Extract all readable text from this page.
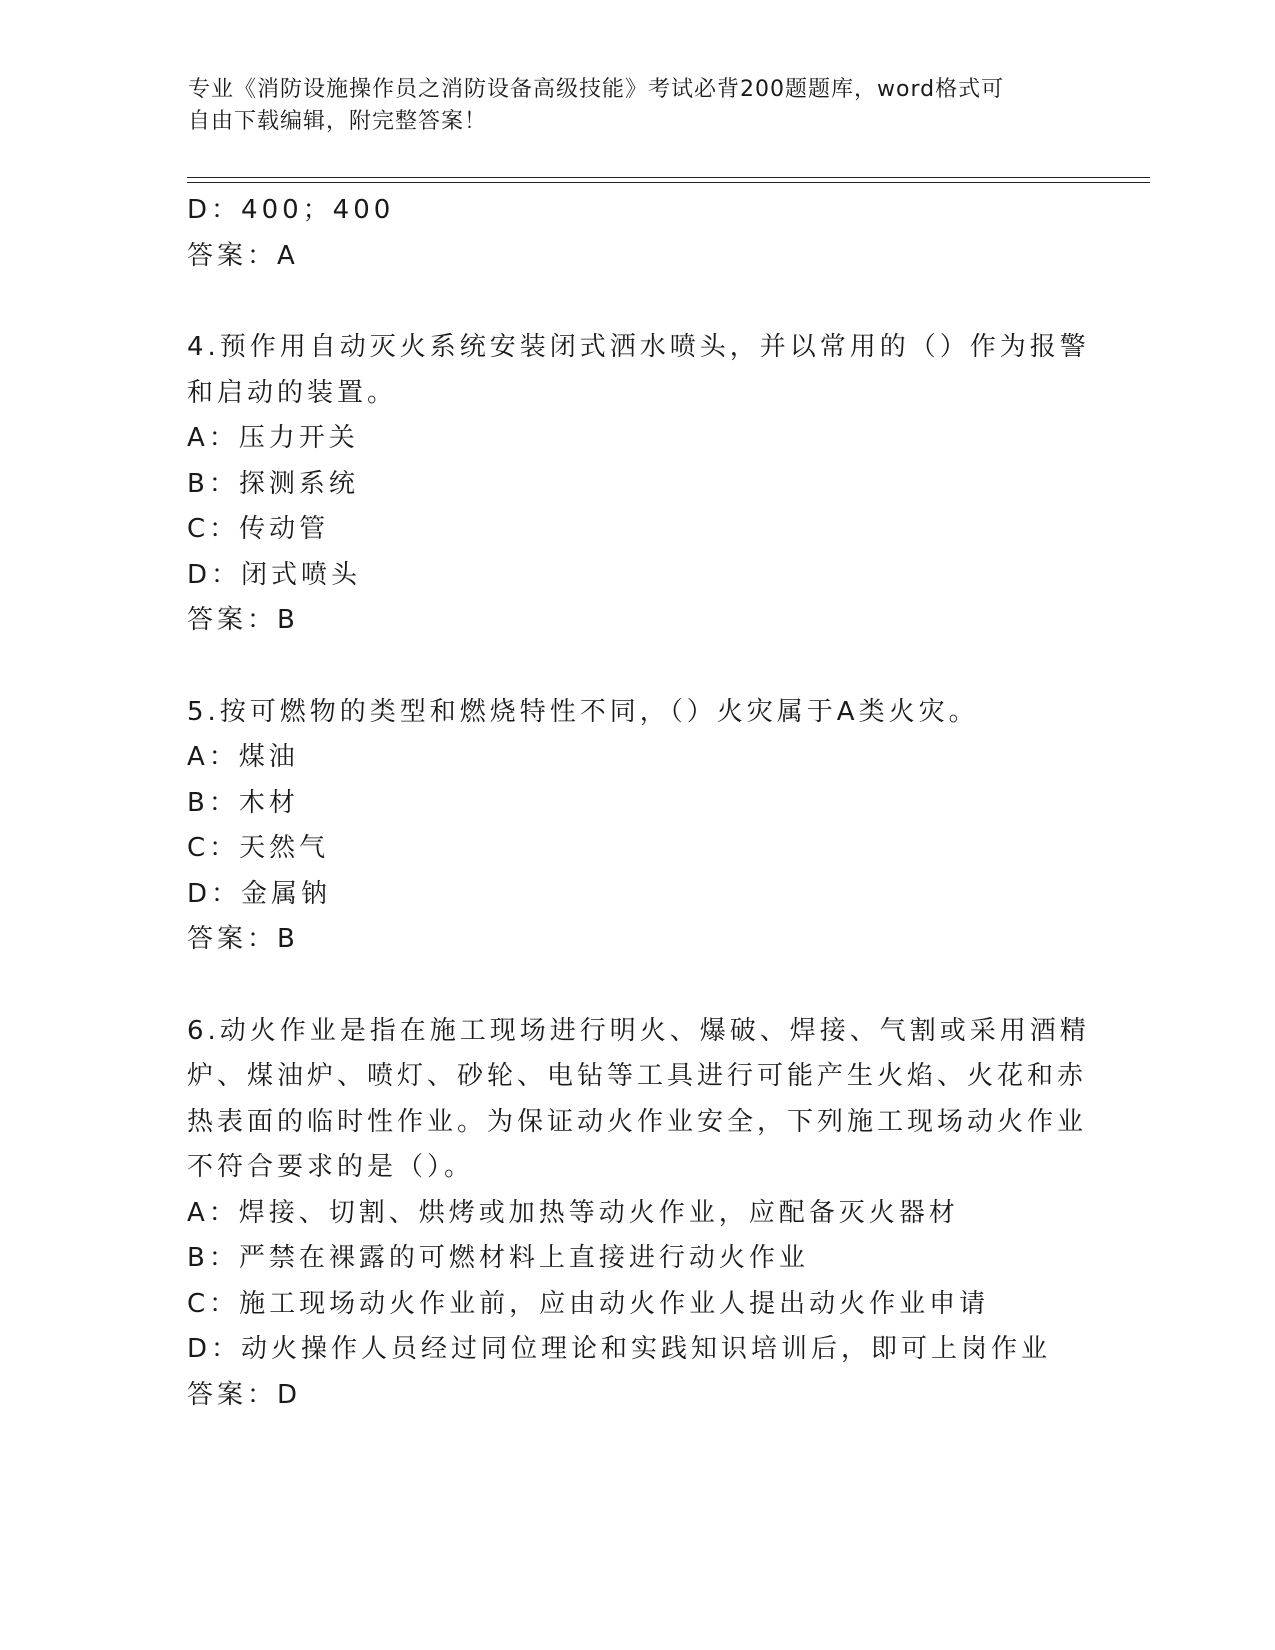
专业《消防设施操作员之消防设备高级技能》考试必背200题题库，word格式可
自由下载编辑，附完整答案！
D：400；400
答案：A
4.预作用自动灭火系统安装闭式洒水喷头，并以常用的（）作为报警
和启动的装置。
A：压力开关
B：探测系统
C：传动管
D：闭式喷头
答案：B
5.按可燃物的类型和燃烧特性不同，（）火灾属于A类火灾。
A：煤油
B：木材
C：天然气
D：金属钠
答案：B
6.动火作业是指在施工现场进行明火、爆破、焊接、气割或采用酒精
炉、煤油炉、喷灯、砂轮、电钻等工具进行可能产生火焰、火花和赤
热表面的临时性作业。为保证动火作业安全，下列施工现场动火作业
不符合要求的是（）。
A：焊接、切割、烘烤或加热等动火作业，应配备灭火器材
B：严禁在裸露的可燃材料上直接进行动火作业
C：施工现场动火作业前，应由动火作业人提出动火作业申请
D：动火操作人员经过同位理论和实践知识培训后，即可上岗作业
答案：D
